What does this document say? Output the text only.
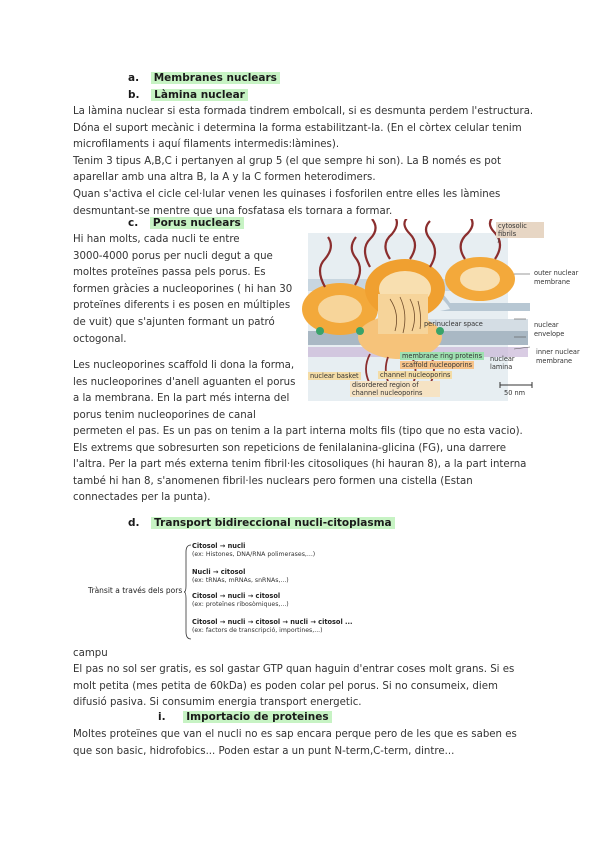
a. Membranes nuclears
b. Làmina nuclear
La làmina nuclear si esta formada tindrem embolcall, si es desmunta perdem l'estructura.
Dóna el suport mecànic i determina la forma estabilitzant-la. (En el còrtex celular tenim
microfilaments i aquí filaments intermedis:làmines).
Tenim 3 tipus A,B,C i pertanyen al grup 5 (el que sempre hi son). La B només es pot
aparellar amb una altra B, la A y la C formen heterodimers.
Quan s'activa el cicle cel·lular venen les quinases i fosforilen entre elles les làmines
desmuntant-se mentre que una fosfatasa els tornara a formar.
c. Porus nuclears
Hi han molts, cada nucli te entre
3000-4000 porus per nucli degut a que
moltes proteïnes passa pels porus. Es
formen gràcies a nucleoporines ( hi han 30
proteïnes diferents i es posen en múltiples
de vuit) que s'ajunten formant un patró
octogonal.
Les nucleoporines scaffold li dona la forma,
les nucleoporines d'anell aguanten el porus
a la membrana. En la part més interna del
porus tenim nucleoporines de canal
cytosolic fibrils
outer nuclear membrane
perinuclear space	nuclear envelope
inner nuclear membrane
membrane ring proteins
scaffold nucleoporins
channel nucleoporins
nuclear lamina
nuclear basket
disordered region of channel nucleoporins	50 nm
permeten el pas. Es un pas on tenim a la part interna molts fils (tipo que no esta vacio).
Els extrems que sobresurten son repeticions de fenilalanina-glicina (FG), una darrere
l'altra. Per la part més externa tenim fibril·les citosoliques (hi hauran 8), a la part interna
també hi han 8, s'anomenen fibril·les nuclears pero formen una cistella (Estan
connectades per la punta).
d. Transport bidireccional nucli-citoplasma
Trànsit a través dels pors
Citosol → nucli
(ex: Histones, DNA/RNA polimerases,...)
Nucli → citosol
(ex: tRNAs, mRNAs, snRNAs,...)
Citosol → nucli → citosol
(ex: proteïnes ribosòmiques,...)
Citosol → nucli → citosol → nucli → citosol ...
(ex: factors de transcripció, importines,...)
campu
El pas no sol ser gratis, es sol gastar GTP quan haguin d'entrar coses molt grans. Si es
molt petita (mes petita de 60kDa) es poden colar pel porus. Si no consumeix, diem
difusió pasiva. Si consumim energia transport energetic.
i. Importacio de proteines
Moltes proteïnes que van el nucli no es sap encara perque pero de les que es saben es
que son basic, hidrofobics... Poden estar a un punt N-term,C-term, dintre...
